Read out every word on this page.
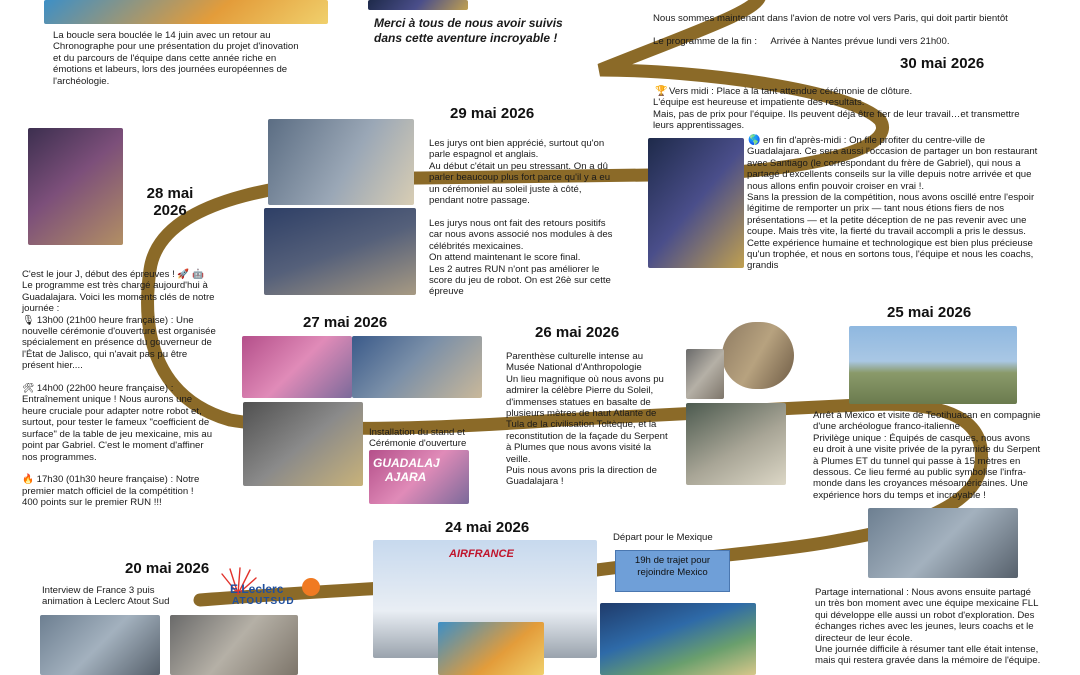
La boucle sera bouclée le 14 juin avec un retour au
Chronographe pour une présentation du projet d'inovation
et du parcours de l'équipe dans cette année riche en
émotions et labeurs, lors des journées européennes de
l'archéologie.
Merci à tous de nous avoir suivis
dans cette aventure incroyable !
Nous sommes maintenant dans l'avion de notre vol vers Paris, qui doit partir bientôt

Le programme de la fin : Arrivée à Nantes prévue lundi vers 21h00.

30 mai 2026
🏆 Vers midi : Place à la tant attendue cérémonie de clôture.
L'équipe est heureuse et impatiente des resultats.
Mais, pas de prix pour l'équipe. Ils peuvent déjà être fier de leur travail…et transmettre
leurs apprentissages.
🌎 en fin d'après-midi : On file profiter du centre-ville de
Guadalajara. Ce sera aussi l'occasion de partager un bon restaurant
avec Santiago (le correspondant du frère de Gabriel), qui nous a
partagé d'excellents conseils sur la ville depuis notre arrivée et que
nous allons enfin pouvoir croiser en vrai !.
Sans la pression de la compétition, nous avons oscillé entre l'espoir
légitime de remporter un prix — tant nous étions fiers de nos
présentations — et la petite déception de ne pas revenir avec une
coupe. Mais très vite, la fierté du travail accompli a pris le dessus.
Cette expérience humaine et technologique est bien plus précieuse
qu'un trophée, et nous en sortons tous, l'équipe et nous les coachs,
grandis
29 mai 2026
Les jurys ont bien apprécié, surtout qu'on
parle espagnol et anglais.
Au début c'était un peu stressant. On a dû
parler beaucoup plus fort parce qu'il y a eu
un cérémoniel au soleil juste à côté,
pendant notre passage.
Les jurys nous ont fait des retours positifs
car nous avons associé nos modules à des
célébrités mexicaines.
On attend maintenant le score final.
Les 2 autres RUN n'ont pas améliorer le
score du jeu de robot. On est 26è sur cette
épreuve
28 mai
2026
C'est le jour J, début des épreuves ! 🚀 🤖
Le programme est très chargé aujourd'hui à
Guadalajara. Voici les moments clés de notre
journée :
🎙 13h00 (21h00 heure française) : Une
nouvelle cérémonie d'ouverture est organisée
spécialement en présence du gouverneur de
l'État de Jalisco, qui n'avait pas pu être
présent hier....

🛠 14h00 (22h00 heure française) :
Entraînement unique ! Nous aurons une
heure cruciale pour adapter notre robot et,
surtout, pour tester le fameux "coefficient de
surface" de la table de jeu mexicaine, mis au
point par Gabriel. C'est le moment d'affiner
nos programmes.

🔥 17h30 (01h30 heure française) : Notre
premier match officiel de la compétition !
400 points sur le premier RUN !!!
27 mai 2026
Installation du stand et
Cérémonie d'ouverture
GUADALAJ
AJARA
26 mai 2026
Parenthèse culturelle intense au
Musée National d'Anthropologie
Un lieu magnifique où nous avons pu
admirer la célèbre Pierre du Soleil,
d'immenses statues en basalte de
plusieurs mètres de haut Atlante de
Tula de la civilisation Toltèque, et la
reconstitution de la façade du Serpent
à Plumes que nous avons visité la
veille.
Puis nous avons pris la direction de
Guadalajara !
25 mai 2026
Arrêt à Mexico et visite de Teotihuacan en compagnie
d'une archéologue franco-italienne
Privilège unique : Équipés de casques, nous avons
eu droit à une visite privée de la pyramide du Serpent
à Plumes ET du tunnel qui passe à 15 mètres en
dessous. Ce lieu fermé au public symbolise l'infra-
monde dans les croyances mésoaméricaines. Une
expérience hors du temps et incroyable !
Partage international : Nous avons ensuite partagé
un très bon moment avec une équipe mexicaine FLL
qui développe elle aussi un robot d'exploration. Des
échanges riches avec les jeunes, leurs coachs et le
directeur de leur école.
Une journée difficile à résumer tant elle était intense,
mais qui restera gravée dans la mémoire de l'équipe.
24 mai 2026
AIRFRANCE
Départ pour le Mexique
19h de trajet pour
rejoindre Mexico
20 mai 2026
Interview de France 3 puis
animation à Leclerc Atout Sud
E.Leclerc
ATOUTSUD
